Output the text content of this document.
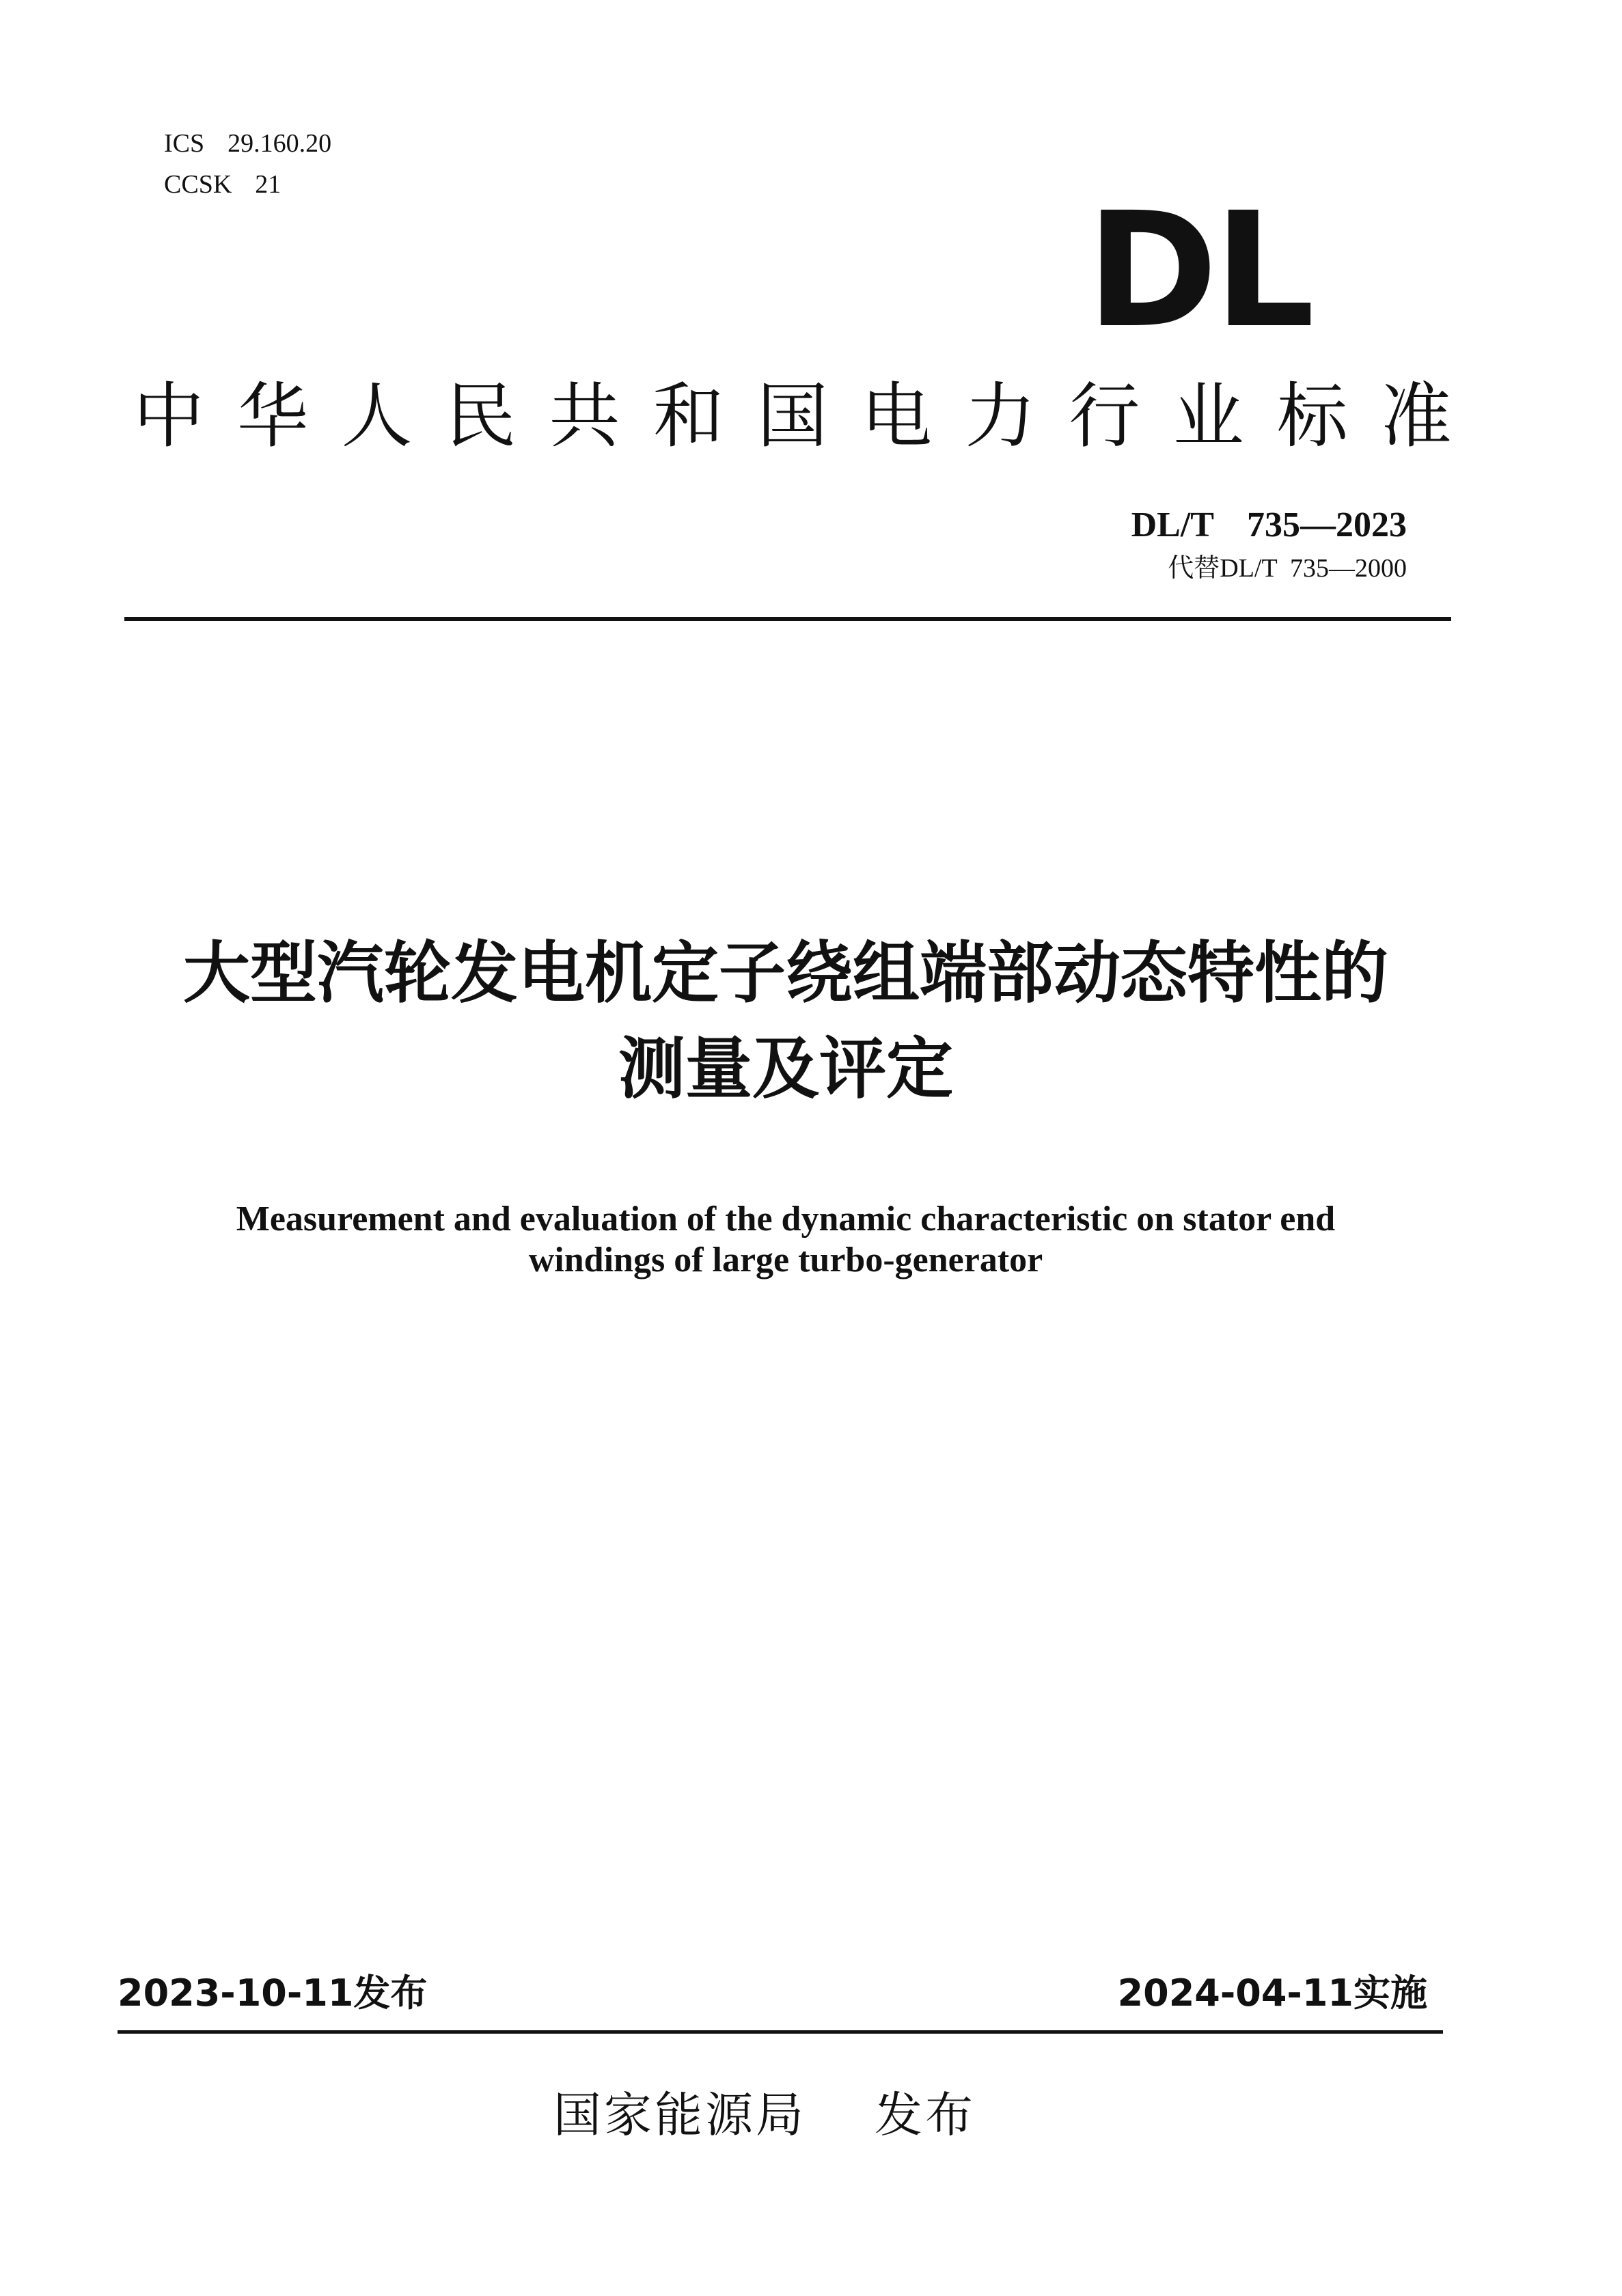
ICS 29.160.20
CCSK 21	DL
中 华 人 民 共 和 国 电 力 行 业 标 准
DL/T 735—2023
代替DL/T  735—2000
大型汽轮发电机定子绕组端部动态特性的
测量及评定
Measurement and evaluation of the dynamic characteristic on stator end
windings of large turbo-generator
2023-10-11发布	2024-04-11实施
国家能源局 发布
